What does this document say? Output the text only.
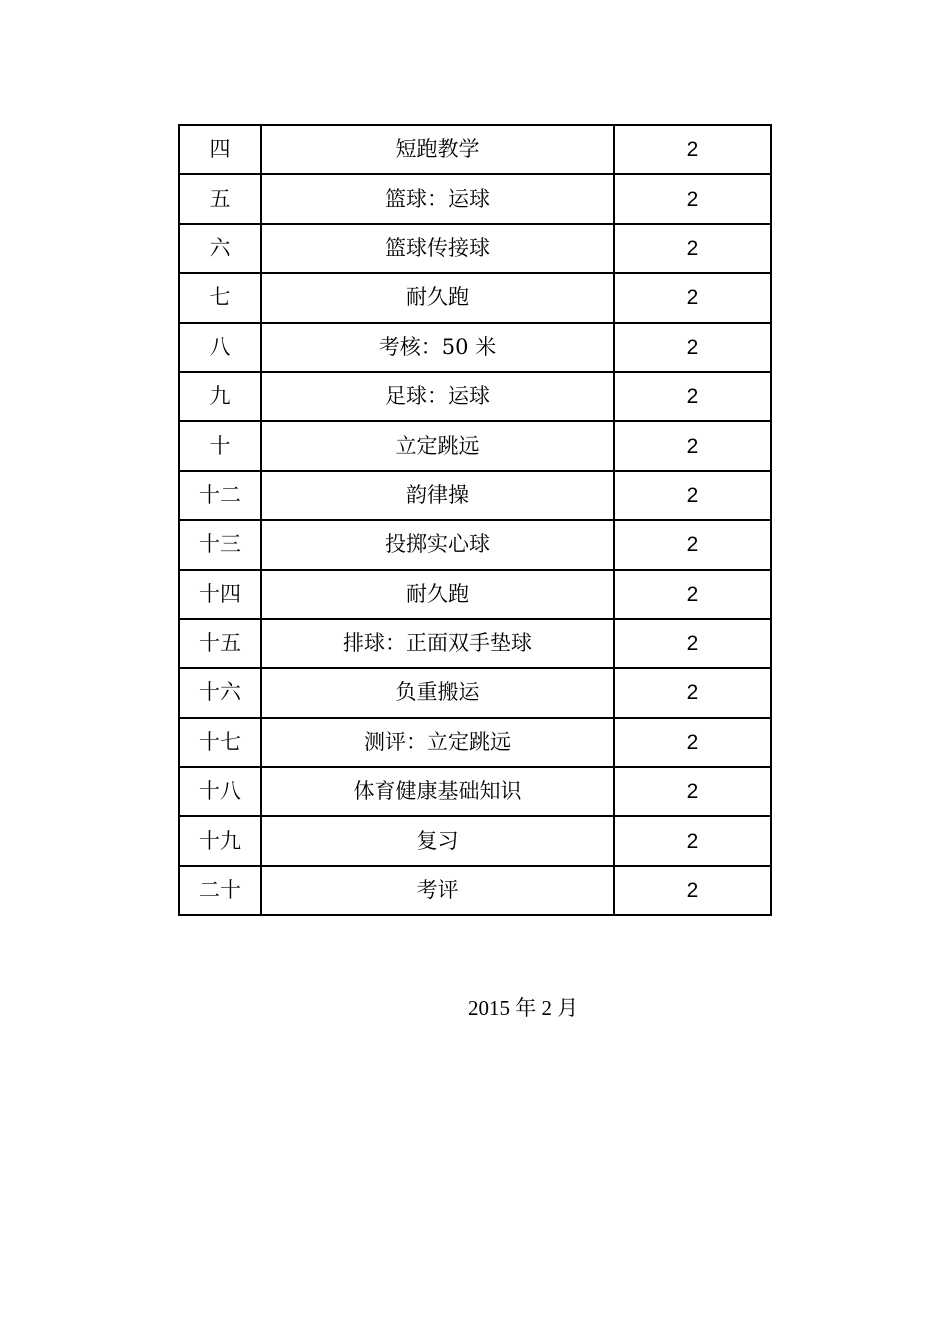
四	短跑教学	2
五	篮球：运球	2
六	篮球传接球	2
七	耐久跑	2
八	考核：50 米	2
九	足球：运球	2
十	立定跳远	2
十二	韵律操	2
十三	投掷实心球	2
十四	耐久跑	2
十五	排球：正面双手垫球	2
十六	负重搬运	2
十七	测评：立定跳远	2
十八	体育健康基础知识	2
十九	复习	2
二十	考评	2
2015 年 2 月
